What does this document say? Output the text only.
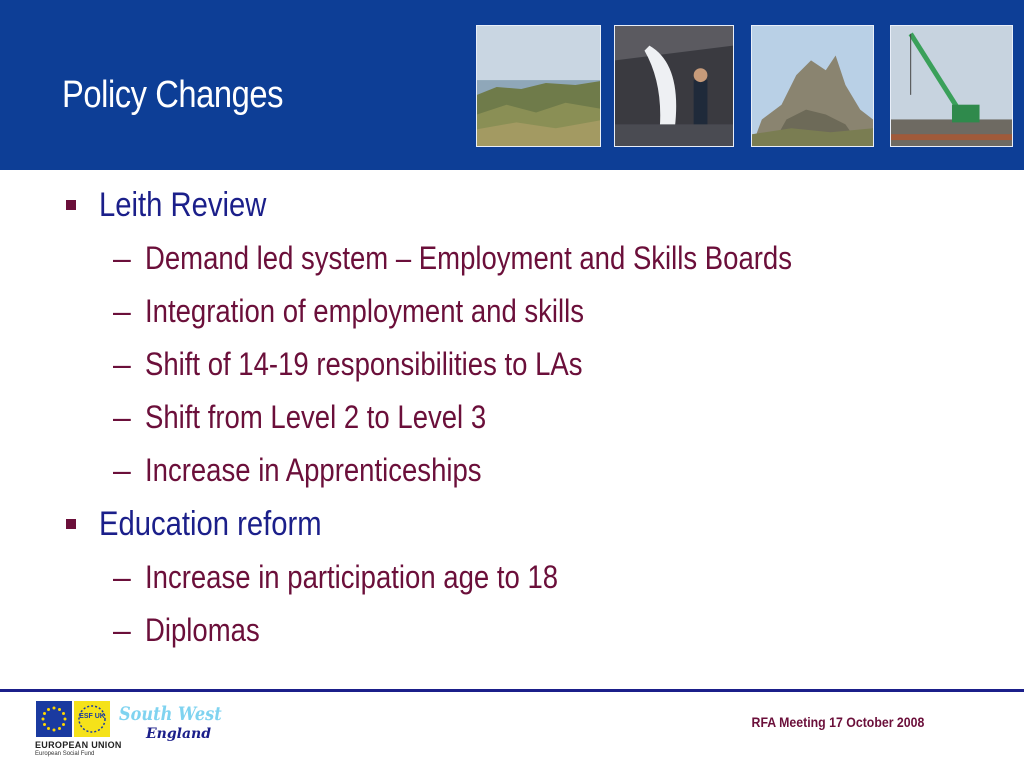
Policy Changes
Leith Review
– Demand led system – Employment and Skills Boards
– Integration of employment and skills
– Shift of 14-19 responsibilities to LAs
– Shift from Level 2 to Level 3
– Increase in Apprenticeships
Education reform
– Increase in participation age to 18
– Diplomas
ESF UK
EUROPEAN UNION
European Social Fund
South West
England
RFA Meeting 17 October 2008
